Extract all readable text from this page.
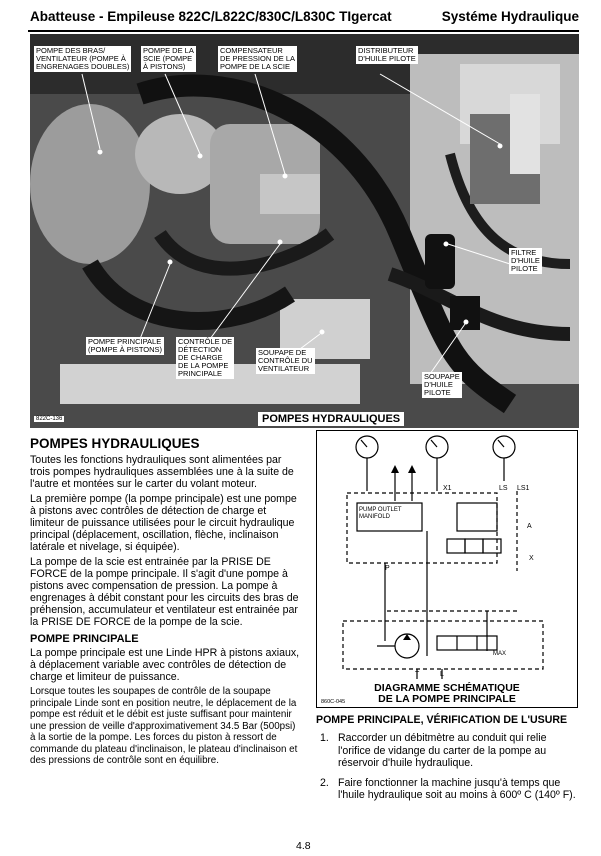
Abatteuse - Empileuse 822C/L822C/830C/L830C TIgercat	Systéme Hydraulique
POMPE DES BRAS/
VENTILATEUR (POMPE À
ENGRENAGES DOUBLES)
POMPE DE LA
SCIE (POMPE
À PISTONS)
COMPENSATEUR
DE PRESSION DE LA
POMPE DE LA SCIE
DISTRIBUTEUR
D'HUILE PILOTE
FILTRE
D'HUILE
PILOTE
POMPE PRINCIPALE
(POMPE À PISTONS)
CONTRÔLE DE
DÉTECTION
DE CHARGE
DE LA POMPE
PRINCIPALE
SOUPAPE DE
CONTRÔLE DU
VENTILATEUR
SOUPAPE
D'HUILE
PILOTE
822C-136	POMPES HYDRAULIQUES
POMPES HYDRAULIQUES

Toutes les fonctions hydrauliques sont alimentées par trois pompes hydrauliques assemblées une à la suite de l'autre et montées sur le carter du volant moteur.

La première pompe (la pompe principale) est une pompe à pistons avec contrôles de détection de charge et limiteur de puissance utilisées pour le circuit hydraulique principal (déplacement, oscillation, flèche, inclinaison latérale et nivelage, si équipée).

La pompe de la scie est entrainée par la PRISE DE FORCE de la pompe principale. Il s'agit d'une pompe à pistons avec compensation de pression. La pompe à engrenages à débit constant pour les circuits des bras de préhension, accumulateur et ventilateur est entrainée par la PRISE DE FORCE de la pompe de la scie.

POMPE PRINCIPALE

La pompe principale est une Linde HPR à pistons axiaux, à déplacement variable avec contrôles de détection de charge et limiteur de puissance.

Lorsque toutes les soupapes de contrôle de la soupape principale Linde sont en position neutre, le déplacement de la pompe est réduit et le débit est juste suffisant pour maintenir une pression de veille d'approximativement 34.5 Bar (500psi) à la sortie de la pompe. Les forces du piston à ressort de commande du plateau d'inclinaison, le plateau d'inclinaison et des pressions de contrôle sont en équilibre.

PUMP OUTLET
MANIFOLD
X1	LS LS1
A
P
X
T	L
MAX
DIAGRAMME SCHÉMATIQUE
DE LA POMPE PRINCIPALE
860C-045
POMPE PRINCIPALE, VÉRIFICATION DE L'USURE
1. Raccorder un débitmètre au conduit qui relie l'orifice de vidange du carter de la pompe au réservoir d'huile hydraulique.
2. Faire fonctionner la machine jusqu'à temps que l'huile hydraulique soit au moins à 600º C (140º F).
4.8
